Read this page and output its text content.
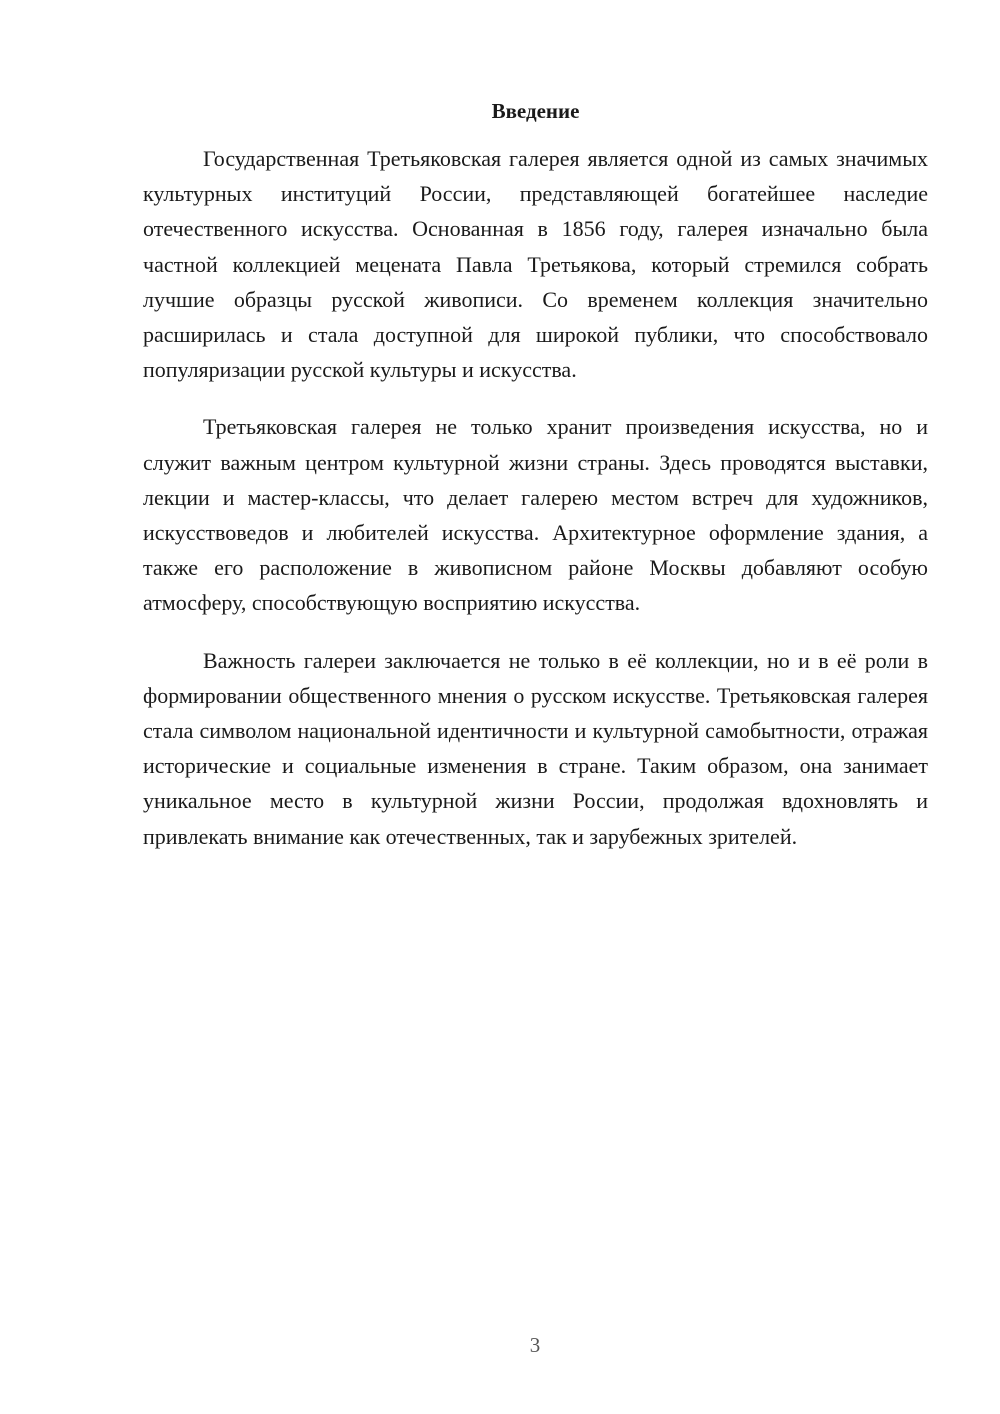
Введение

Государственная Третьяковская галерея является одной из самых значимых культурных институций России, представляющей богатейшее наследие отечественного искусства. Основанная в 1856 году, галерея изначально была частной коллекцией мецената Павла Третьякова, который стремился собрать лучшие образцы русской живописи. Со временем коллекция значительно расширилась и стала доступной для широкой публики, что способствовало популяризации русской культуры и искусства.

Третьяковская галерея не только хранит произведения искусства, но и служит важным центром культурной жизни страны. Здесь проводятся выставки, лекции и мастер-классы, что делает галерею местом встреч для художников, искусствоведов и любителей искусства. Архитектурное оформление здания, а также его расположение в живописном районе Москвы добавляют особую атмосферу, способствующую восприятию искусства.

Важность галереи заключается не только в её коллекции, но и в её роли в формировании общественного мнения о русском искусстве. Третьяковская галерея стала символом национальной идентичности и культурной самобытности, отражая исторические и социальные изменения в стране. Таким образом, она занимает уникальное место в культурной жизни России, продолжая вдохновлять и привлекать внимание как отечественных, так и зарубежных зрителей.

3
